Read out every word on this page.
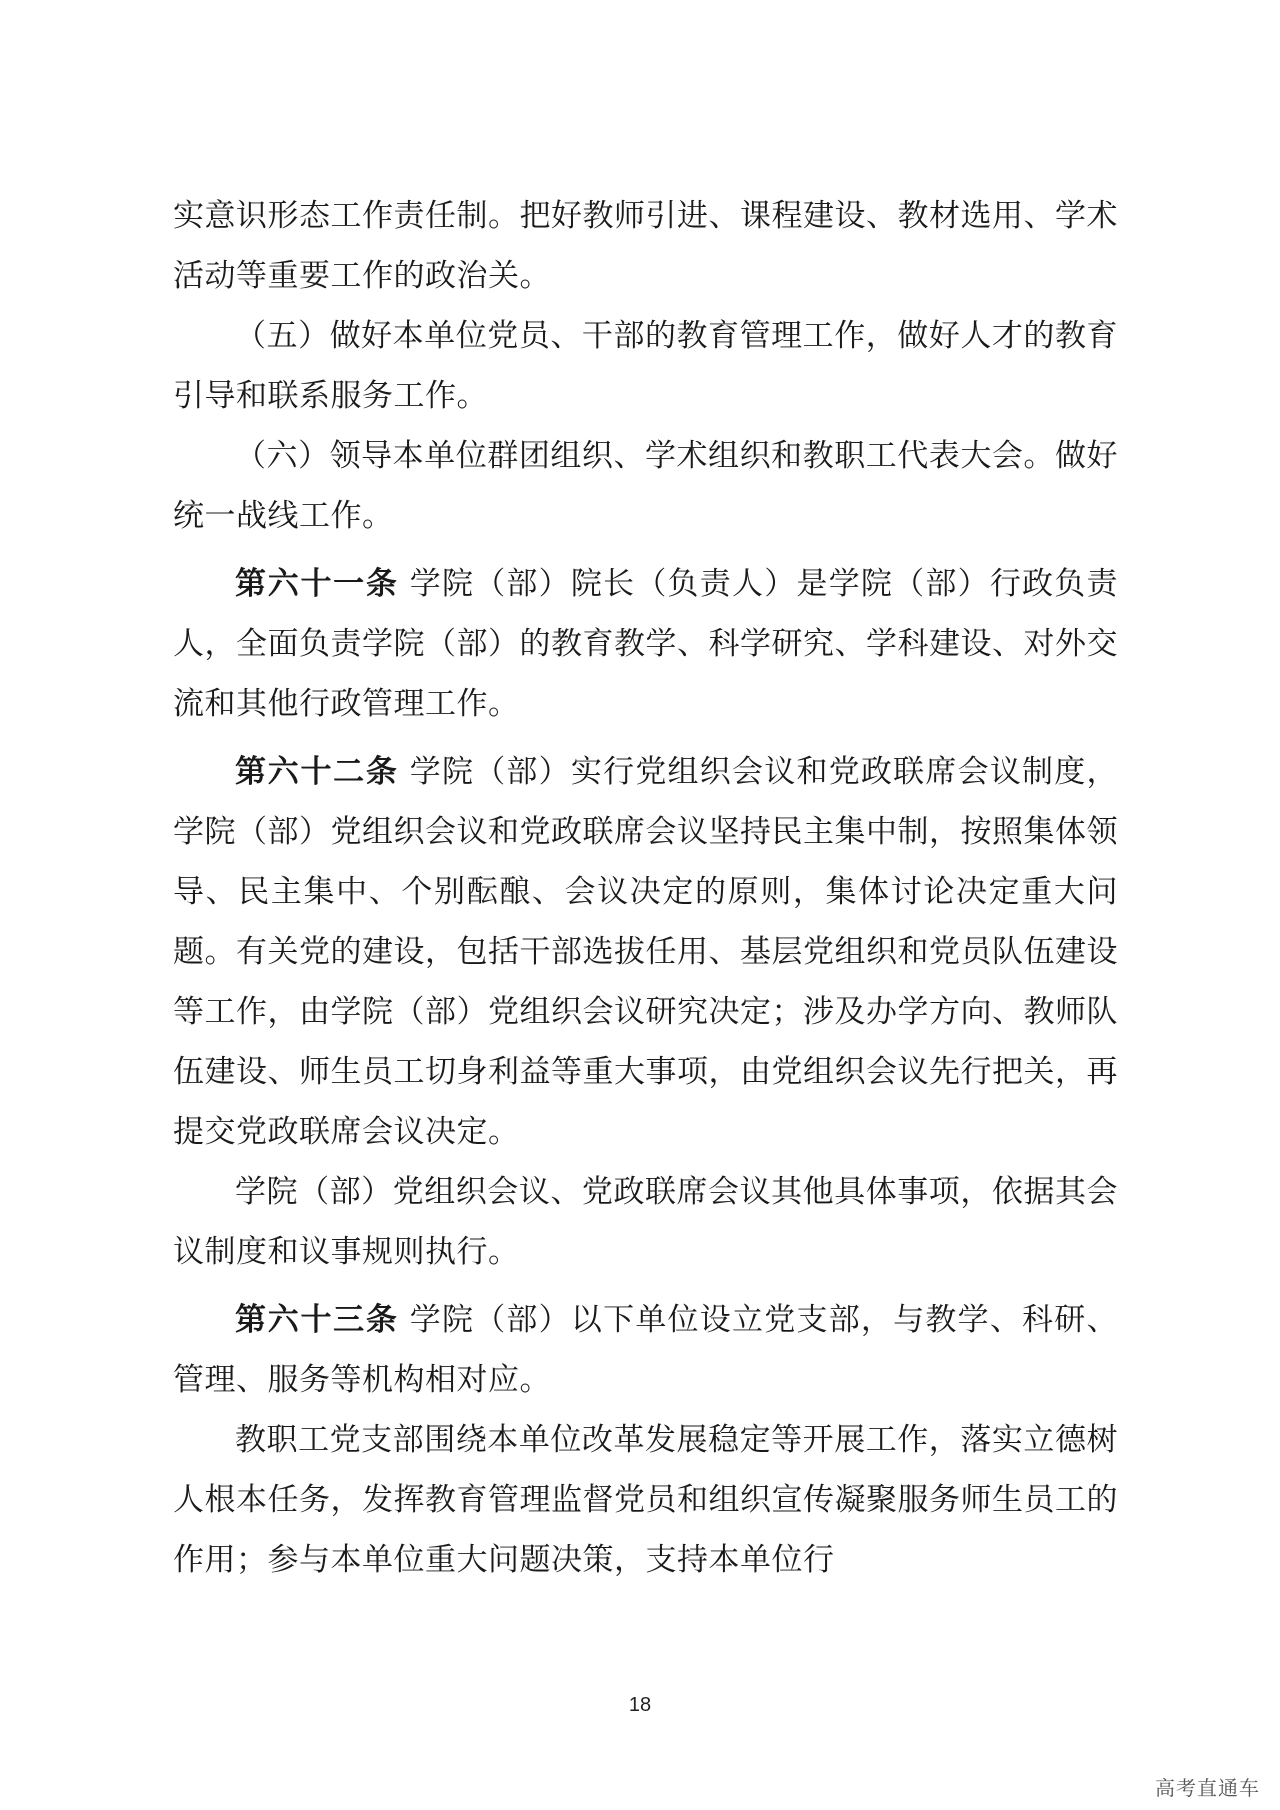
实意识形态工作责任制。把好教师引进、课程建设、教材选用、学术活动等重要工作的政治关。

（五）做好本单位党员、干部的教育管理工作，做好人才的教育引导和联系服务工作。

（六）领导本单位群团组织、学术组织和教职工代表大会。做好统一战线工作。

第六十一条 学院（部）院长（负责人）是学院（部）行政负责人，全面负责学院（部）的教育教学、科学研究、学科建设、对外交流和其他行政管理工作。

第六十二条 学院（部）实行党组织会议和党政联席会议制度，学院（部）党组织会议和党政联席会议坚持民主集中制，按照集体领导、民主集中、个别酝酿、会议决定的原则，集体讨论决定重大问题。有关党的建设，包括干部选拔任用、基层党组织和党员队伍建设等工作，由学院（部）党组织会议研究决定；涉及办学方向、教师队伍建设、师生员工切身利益等重大事项，由党组织会议先行把关，再提交党政联席会议决定。

学院（部）党组织会议、党政联席会议其他具体事项，依据其会议制度和议事规则执行。

第六十三条 学院（部）以下单位设立党支部，与教学、科研、管理、服务等机构相对应。

教职工党支部围绕本单位改革发展稳定等开展工作，落实立德树人根本任务，发挥教育管理监督党员和组织宣传凝聚服务师生员工的作用；参与本单位重大问题决策，支持本单位行

18
高考直通车
